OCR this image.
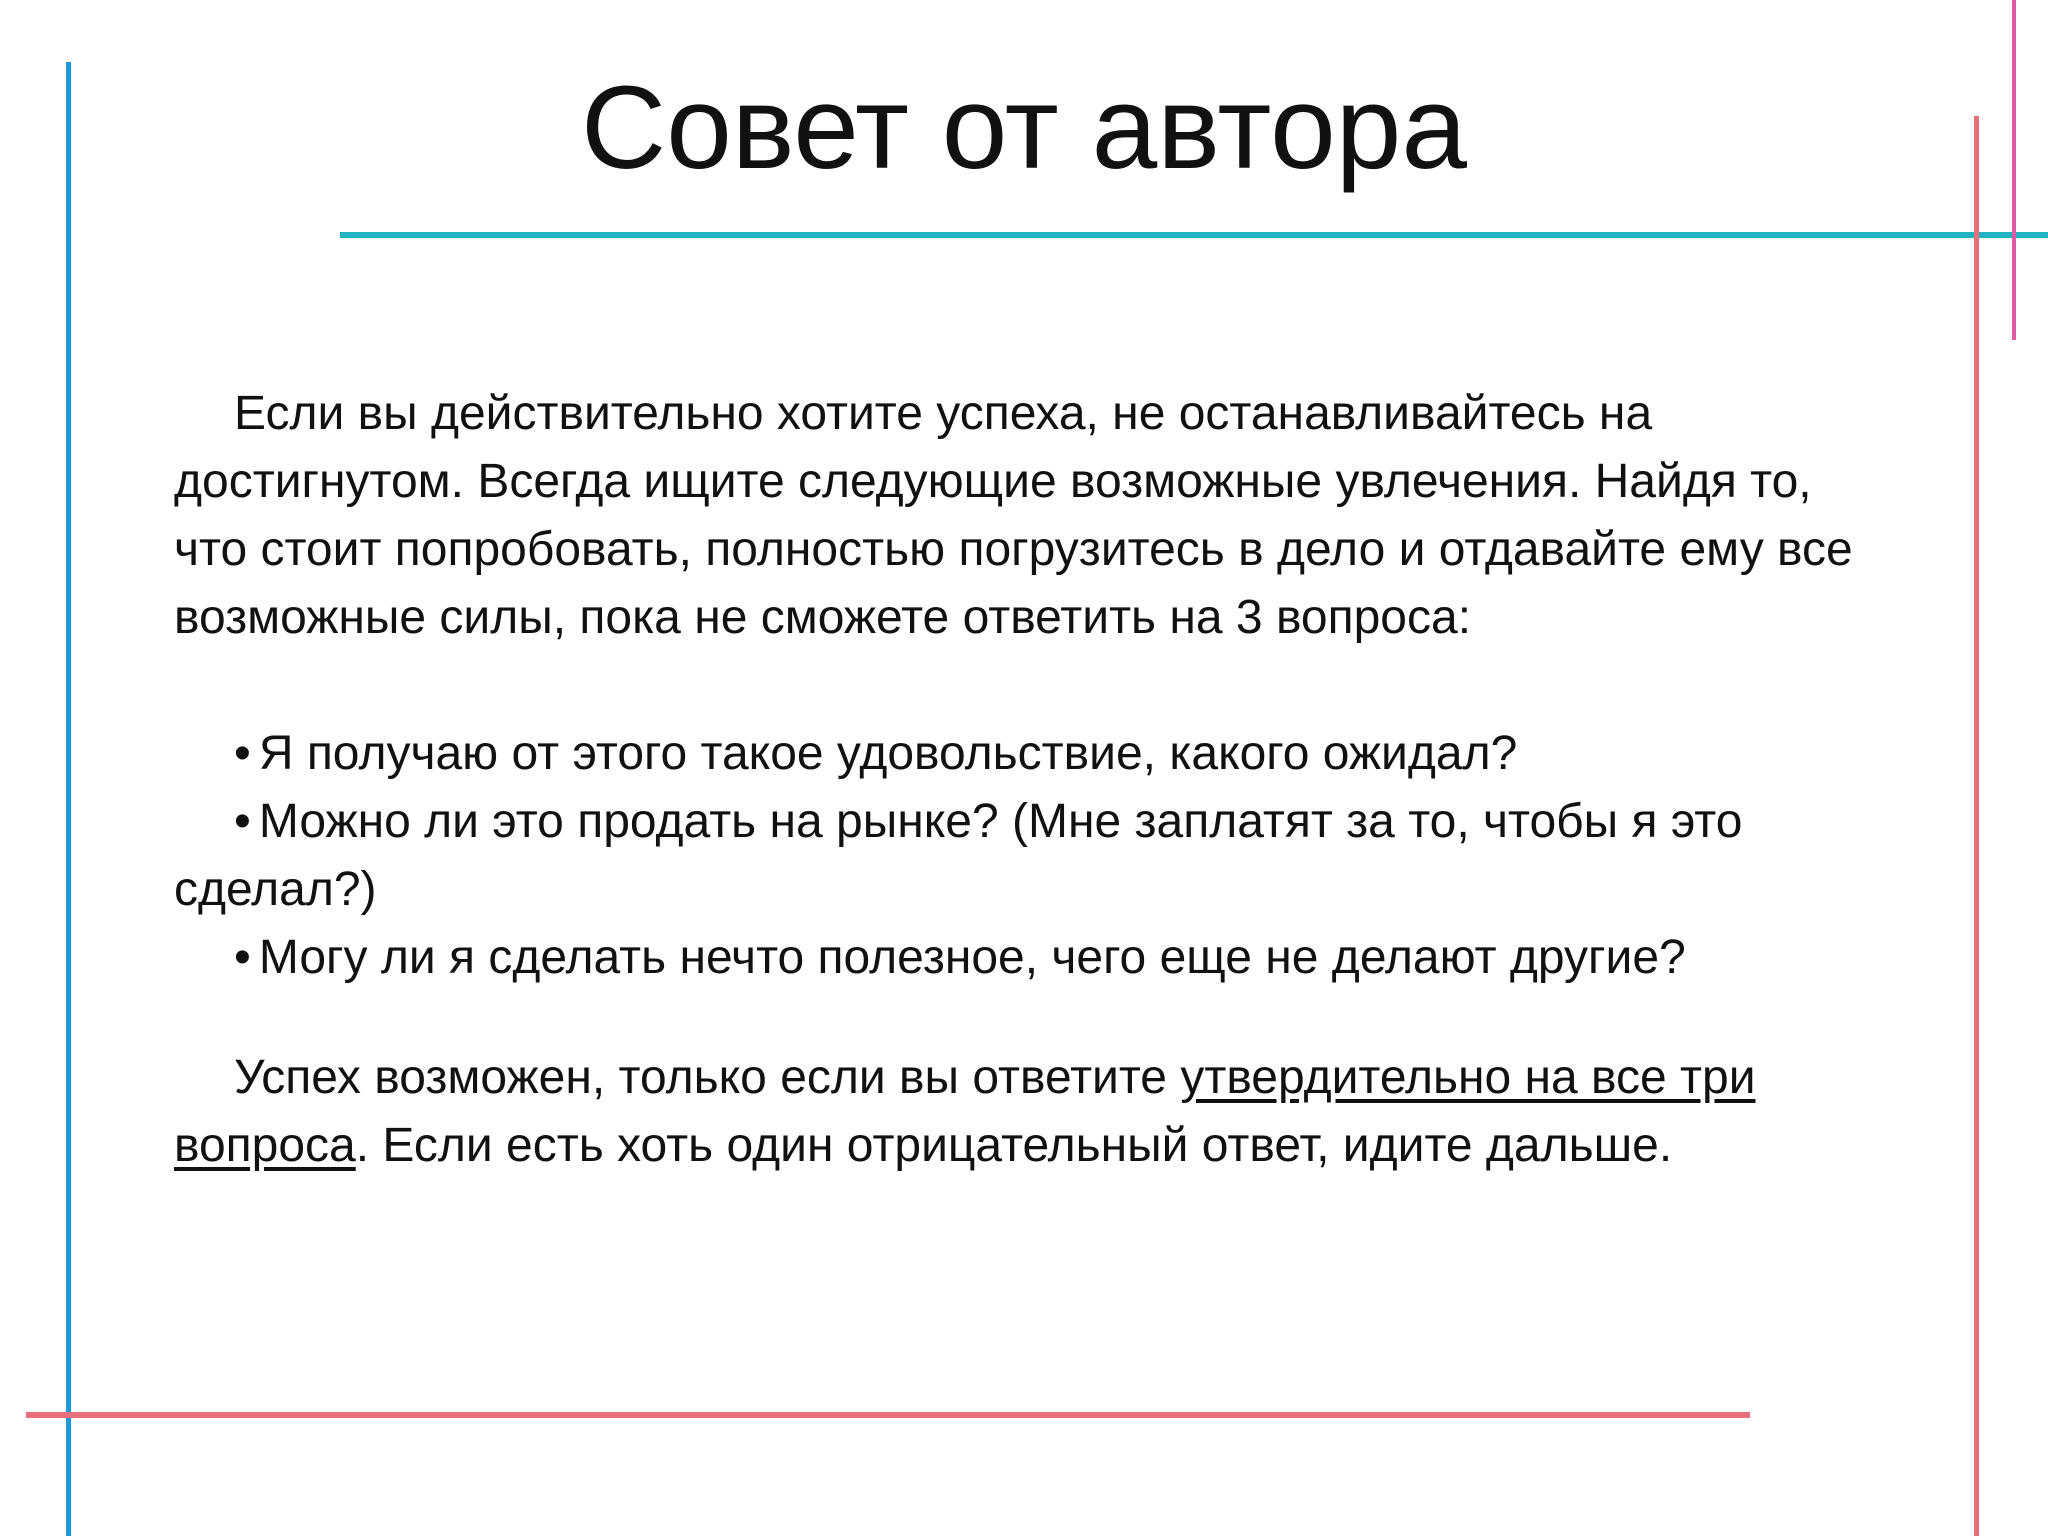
Совет от автора

Если вы действительно хотите успеха, не останавливайтесь на достигнутом. Всегда ищите следующие возможные увлечения. Найдя то, что стоит попробовать, полностью погрузитесь в дело и отдавайте ему все возможные силы, пока не сможете ответить на 3 вопроса:

• Я получаю от этого такое удовольствие, какого ожидал?

• Можно ли это продать на рынке? (Мне заплатят за то, чтобы я это сделал?)

• Могу ли я сделать нечто полезное, чего еще не делают другие?

Успех возможен, только если вы ответите утвердительно на все три вопроса. Если есть хоть один отрицательный ответ, идите дальше.
